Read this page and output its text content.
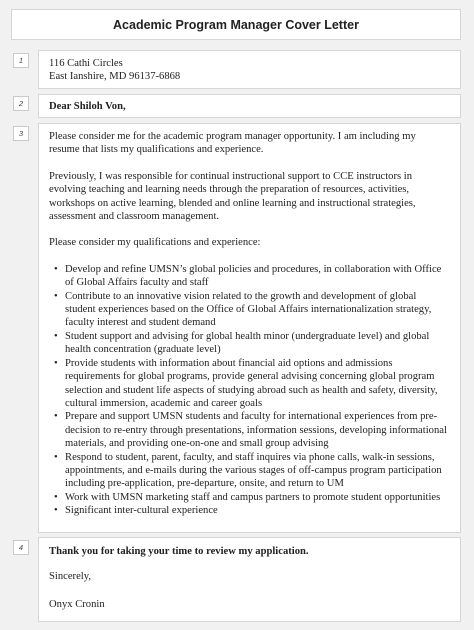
Academic Program Manager Cover Letter
1	116 Cathi Circles

East Ianshire, MD 96137-6868

2	Dear Shiloh Von,

3	Please consider me for the academic program manager opportunity. I am including my resume that lists my qualifications and experience.

Previously, I was responsible for continual instructional support to CCE instructors in evolving teaching and learning needs through the preparation of resources, activities, workshops on active learning, blended and online learning and instructional strategies, assessment and classroom management.

Please consider my qualifications and experience:

• Develop and refine UMSN’s global policies and procedures, in collaboration with Office of Global Affairs faculty and staff
• Contribute to an innovative vision related to the growth and development of global student experiences based on the Office of Global Affairs internationalization strategy, faculty interest and student demand
• Student support and advising for global health minor (undergraduate level) and global health concentration (graduate level)
• Provide students with information about financial aid options and admissions requirements for global programs, provide general advising concerning global program selection and student life aspects of studying abroad such as health and safety, diversity, cultural immersion, academic and career goals
• Prepare and support UMSN students and faculty for international experiences from pre-decision to re-entry through presentations, information sessions, developing informational materials, and providing one-on-one and small group advising
• Respond to student, parent, faculty, and staff inquires via phone calls, walk-in sessions, appointments, and e-mails during the various stages of off-campus program participation including pre-application, pre-departure, onsite, and return to UM
• Work with UMSN marketing staff and campus partners to promote student opportunities
• Significant inter-cultural experience
4	Thank you for taking your time to review my application.

Sincerely,

Onyx Cronin
